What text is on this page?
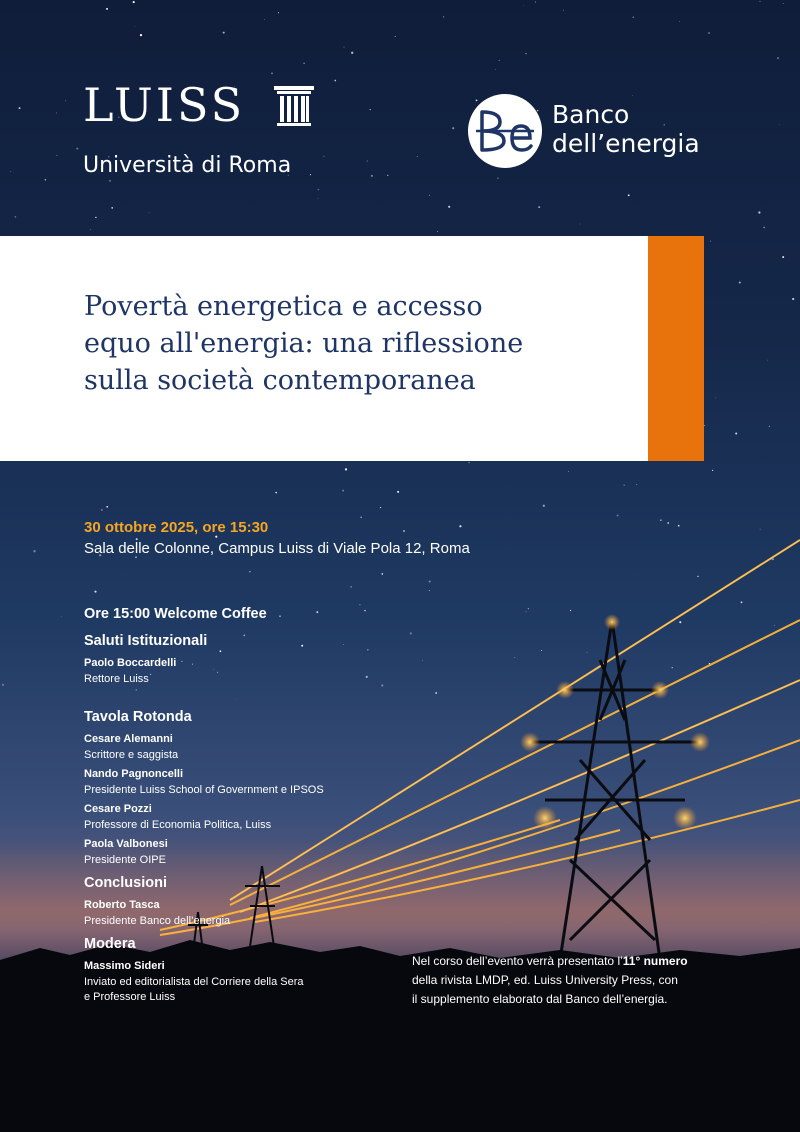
LUISS
Università di Roma
Banco
dell’energia
Povertà energetica e accesso
equo all'energia: una riflessione
sulla società contemporanea
30 ottobre 2025, ore 15:30
Sala delle Colonne, Campus Luiss di Viale Pola 12, Roma
Ore 15:00 Welcome Coffee
Saluti Istituzionali
Paolo Boccardelli
Rettore Luiss
Tavola Rotonda
Cesare Alemanni
Scrittore e saggista
Nando Pagnoncelli
Presidente Luiss School of Government e IPSOS
Cesare Pozzi
Professore di Economia Politica, Luiss
Paola Valbonesi
Presidente OIPE
Conclusioni
Roberto Tasca
Presidente Banco dell’energia
Modera
Massimo Sideri
Inviato ed editorialista del Corriere della Sera
e Professore Luiss
Nel corso dell’evento verrà presentato l’11° numero
della rivista LMDP, ed. Luiss University Press, con
il supplemento elaborato dal Banco dell’energia.
